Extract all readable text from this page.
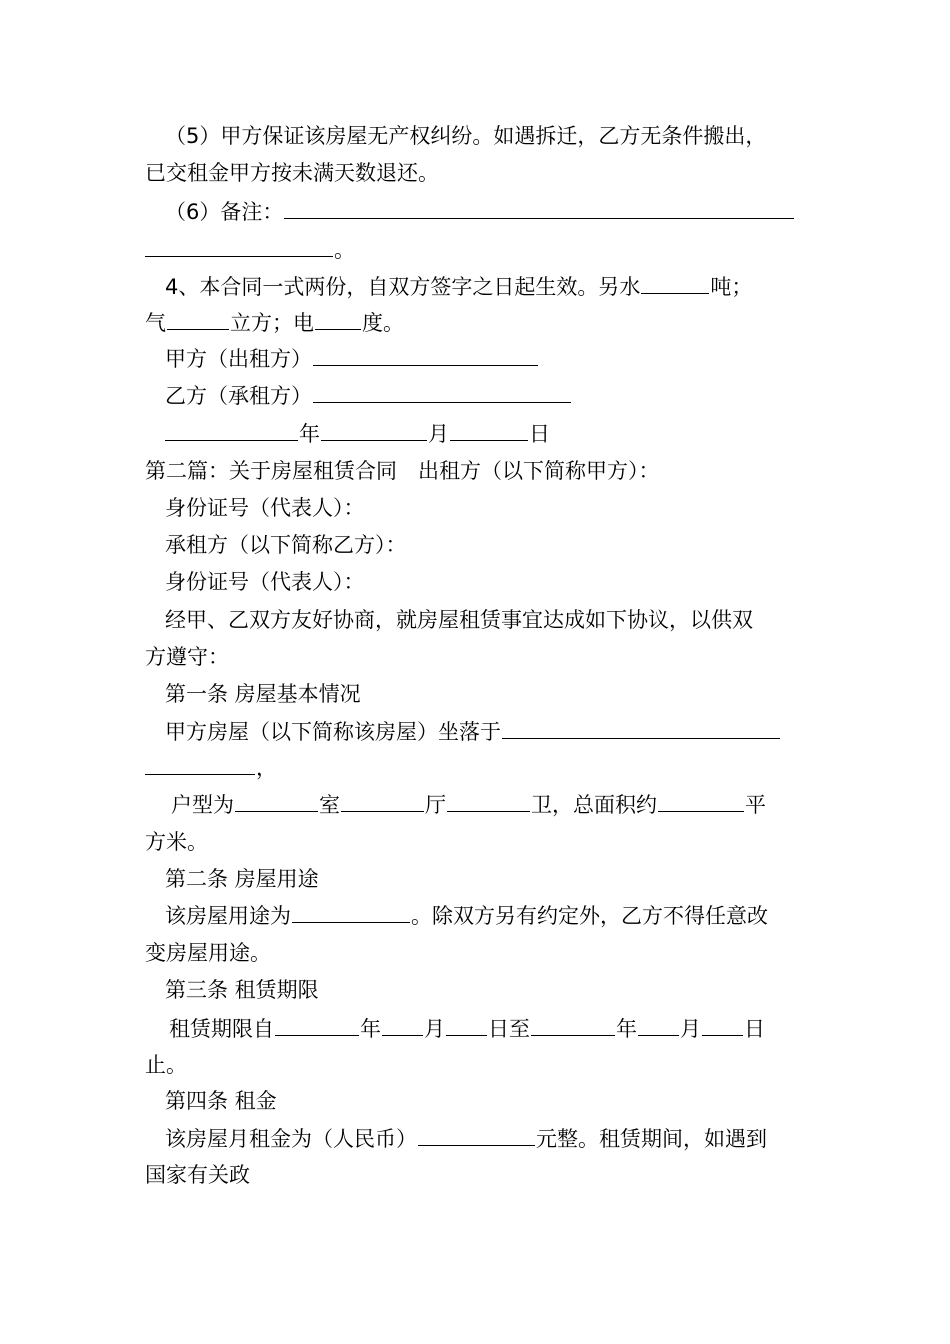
（5）甲方保证该房屋无产权纠纷。如遇拆迁，乙方无条件搬出，
已交租金甲方按未满天数退还。
（6）备注：
。
4、本合同一式两份，自双方签字之日起生效。另水	吨；
气	立方；电 度。
甲方（出租方）
乙方（承租方）
年	月	日
第二篇：关于房屋租赁合同　出租方（以下简称甲方）：
身份证号（代表人）：
承租方（以下简称乙方）：
身份证号（代表人）：
经甲、乙双方友好协商，就房屋租赁事宜达成如下协议，以供双
方遵守：
第一条 房屋基本情况
甲方房屋（以下简称该房屋）坐落于
，
户型为	室	厅	卫，总面积约	平
方米。
第二条 房屋用途
该房屋用途为	。除双方另有约定外，乙方不得任意改
变房屋用途。
第三条 租赁期限
租赁期限自	年 月 日至	年 月 日
止。
第四条 租金
该房屋月租金为（人民币）	元整。租赁期间，如遇到
国家有关政
